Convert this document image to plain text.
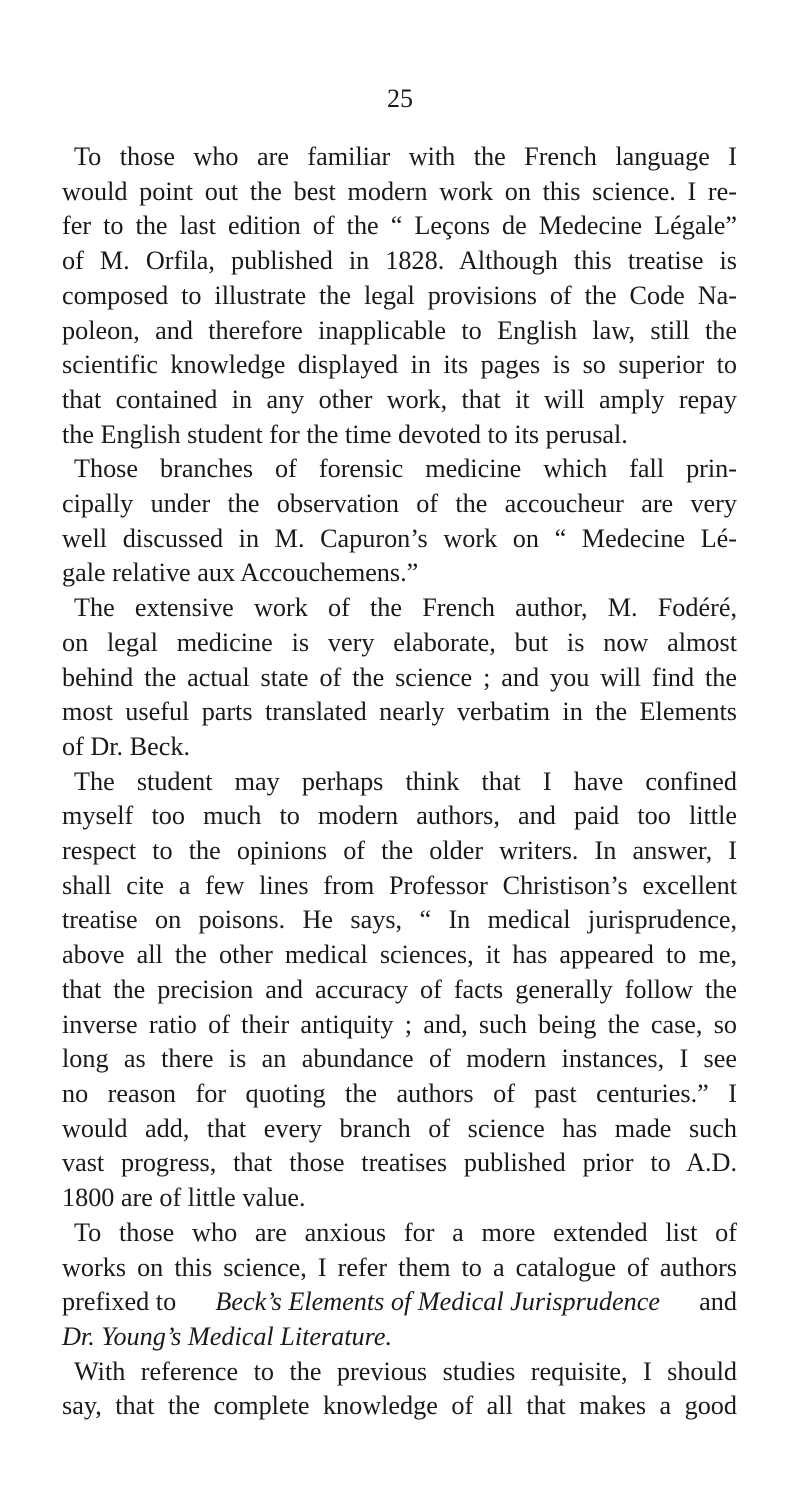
25
To those who are familiar with the French language I
would point out the best modern work on this science. I re-
fer to the last edition of the “ Leçons de Medecine Légale”
of M. Orfila, published in 1828. Although this treatise is
composed to illustrate the legal provisions of the Code Na-
poleon, and therefore inapplicable to English law, still the
scientific knowledge displayed in its pages is so superior to
that contained in any other work, that it will amply repay
the English student for the time devoted to its perusal.
Those branches of forensic medicine which fall prin-
cipally under the observation of the accoucheur are very
well discussed in M. Capuron’s work on “ Medecine Lé-
gale relative aux Accouchemens.”
The extensive work of the French author, M. Fodéré,
on legal medicine is very elaborate, but is now almost
behind the actual state of the science ; and you will find the
most useful parts translated nearly verbatim in the Elements
of Dr. Beck.
The student may perhaps think that I have confined
myself too much to modern authors, and paid too little
respect to the opinions of the older writers. In answer, I
shall cite a few lines from Professor Christison’s excellent
treatise on poisons. He says, “ In medical jurisprudence,
above all the other medical sciences, it has appeared to me,
that the precision and accuracy of facts generally follow the
inverse ratio of their antiquity ; and, such being the case, so
long as there is an abundance of modern instances, I see
no reason for quoting the authors of past centuries.” I
would add, that every branch of science has made such
vast progress, that those treatises published prior to A.D.
1800 are of little value.
To those who are anxious for a more extended list of
works on this science, I refer them to a catalogue of authors
prefixed to Beck’s Elements of Medical Jurisprudence and
Dr. Young’s Medical Literature.
With reference to the previous studies requisite, I should
say, that the complete knowledge of all that makes a good
